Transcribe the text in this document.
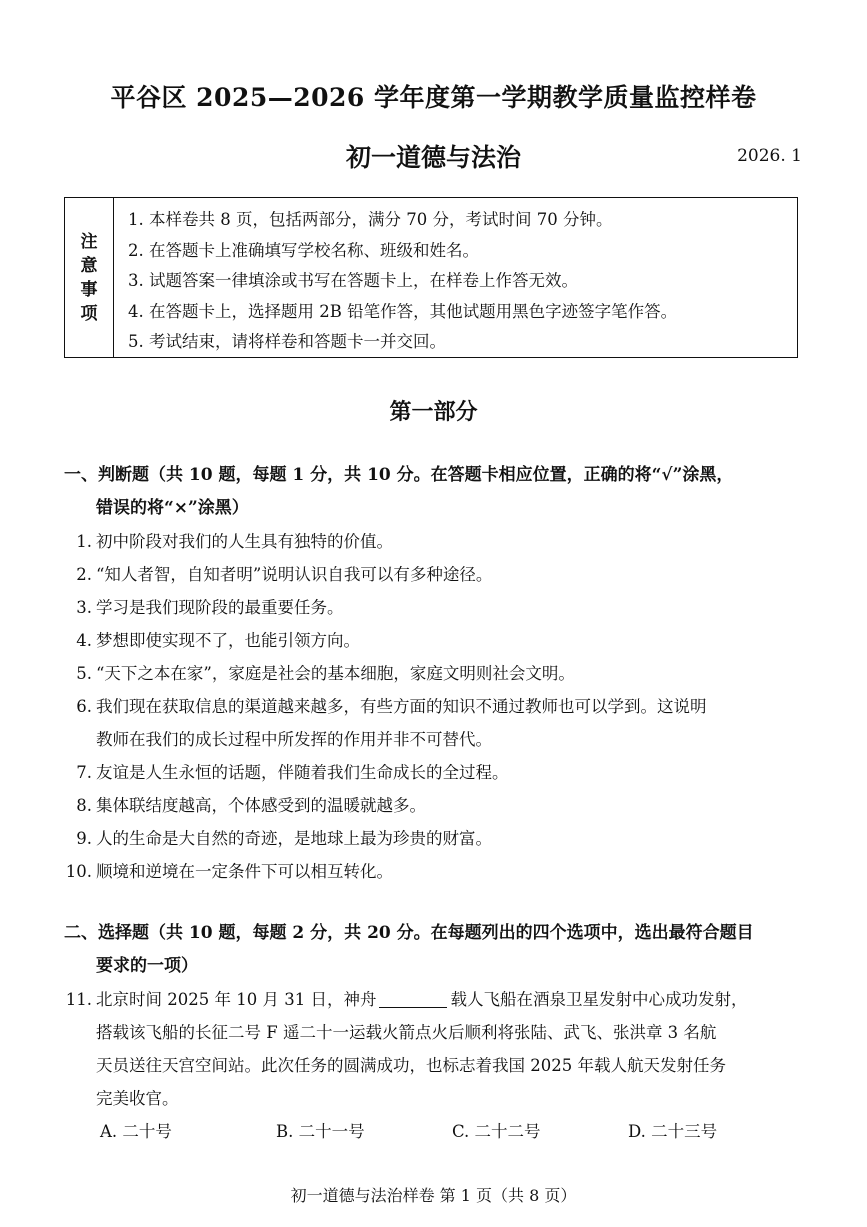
平谷区 2025—2026 学年度第一学期教学质量监控样卷
初一道德与法治	2026. 1
注
意
事
项
1. 本样卷共 8 页，包括两部分，满分 70 分，考试时间 70 分钟。
2. 在答题卡上准确填写学校名称、班级和姓名。
3. 试题答案一律填涂或书写在答题卡上，在样卷上作答无效。
4. 在答题卡上，选择题用 2B 铅笔作答，其他试题用黑色字迹签字笔作答。
5. 考试结束，请将样卷和答题卡一并交回。
第一部分
一、判断题（共 10 题，每题 1 分，共 10 分。在答题卡相应位置，正确的将“√”涂黑，
错误的将“×”涂黑）
1. 初中阶段对我们的人生具有独特的价值。
2. “知人者智，自知者明”说明认识自我可以有多种途径。
3. 学习是我们现阶段的最重要任务。
4. 梦想即使实现不了，也能引领方向。
5. “天下之本在家”，家庭是社会的基本细胞，家庭文明则社会文明。
6. 我们现在获取信息的渠道越来越多，有些方面的知识不通过教师也可以学到。这说明
教师在我们的成长过程中所发挥的作用并非不可替代。
7. 友谊是人生永恒的话题，伴随着我们生命成长的全过程。
8. 集体联结度越高，个体感受到的温暖就越多。
9. 人的生命是大自然的奇迹，是地球上最为珍贵的财富。
10. 顺境和逆境在一定条件下可以相互转化。
二、选择题（共 10 题，每题 2 分，共 20 分。在每题列出的四个选项中，选出最符合题目
要求的一项）
11. 北京时间 2025 年 10 月 31 日，神舟	载人飞船在酒泉卫星发射中心成功发射，
搭载该飞船的长征二号 F 遥二十一运载火箭点火后顺利将张陆、武飞、张洪章 3 名航
天员送往天宫空间站。此次任务的圆满成功，也标志着我国 2025 年载人航天发射任务
完美收官。
A. 二十号	B. 二十一号	C. 二十二号	D. 二十三号
初一道德与法治样卷 第 1 页（共 8 页）
